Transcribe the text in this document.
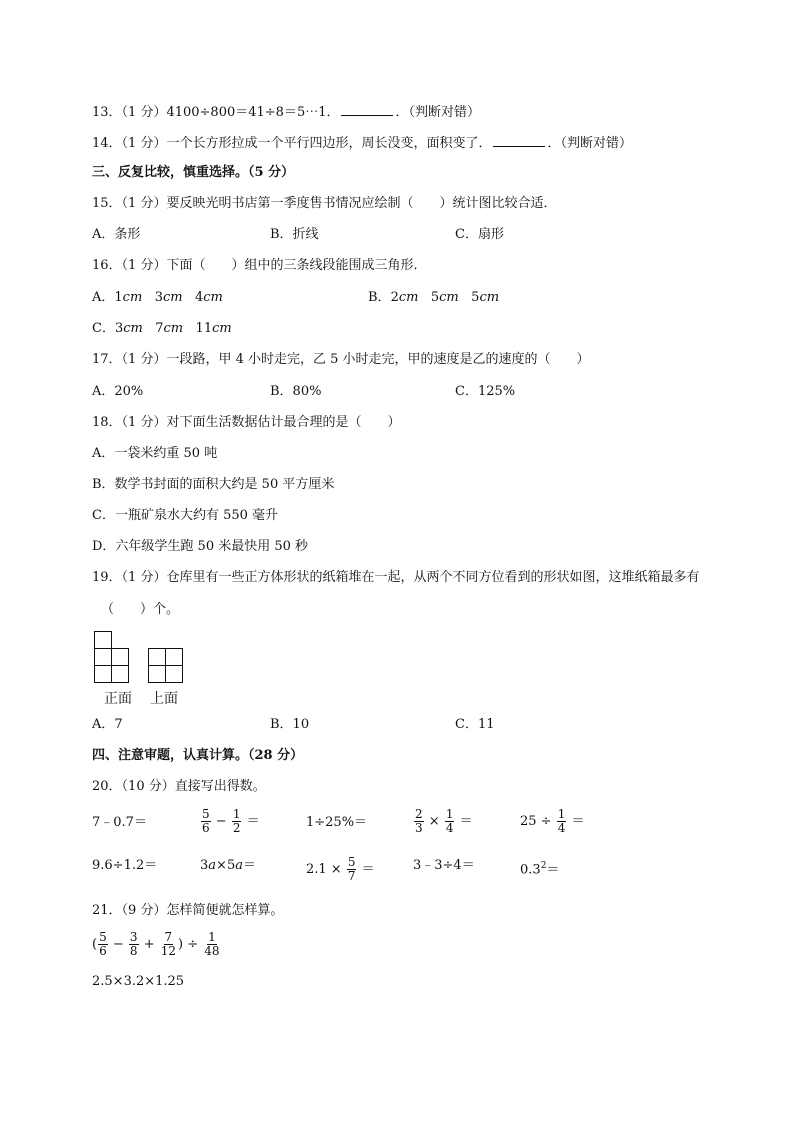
13．（1 分）4100÷800＝41÷8＝5⋯1．	．（判断对错）
14．（1 分）一个长方形拉成一个平行四边形，周长没变，面积变了．	．（判断对错）
三、反复比较，慎重选择。（5 分）
15．（1 分）要反映光明书店第一季度售书情况应绘制（ ）统计图比较合适．
A．条形	B．折线	C．扇形
16．（1 分）下面（ ）组中的三条线段能围成三角形．
A．1cm 3cm 4cm	B．2cm 5cm 5cm
C．3cm 7cm 11cm
17．（1 分）一段路，甲 4 小时走完，乙 5 小时走完，甲的速度是乙的速度的（ ）
A．20%	B．80%	C．125%
18．（1 分）对下面生活数据估计最合理的是（ ）
A．一袋米约重 50 吨
B．数学书封面的面积大约是 50 平方厘米
C．一瓶矿泉水大约有 550 毫升
D．六年级学生跑 50 米最快用 50 秒
19．（1 分）仓库里有一些正方体形状的纸箱堆在一起，从两个不同方位看到的形状如图，这堆纸箱最多有
（ ）个。
正面 上面
A．7	B．10	C．11
四、注意审题，认真计算。（28 分）
20．（10 分）直接写出得数。
7﹣0.7＝	$\frac{5}{6} - \frac{1}{2}$ ＝	1÷25%＝	$\frac{2}{3} \times \frac{1}{4}$ ＝	$25 \div \frac{1}{4}$ ＝
9.6÷1.2＝	3a×5a＝	$2.1 \times \frac{5}{7}$ ＝	3﹣3÷4＝	$0.3^2=$
21．（9 分）怎样简便就怎样算。
( $\frac{5}{6} - \frac{3}{8} + \frac{7}{12}$ ) ÷ $\frac{1}{48}$
2.5×3.2×1.25
